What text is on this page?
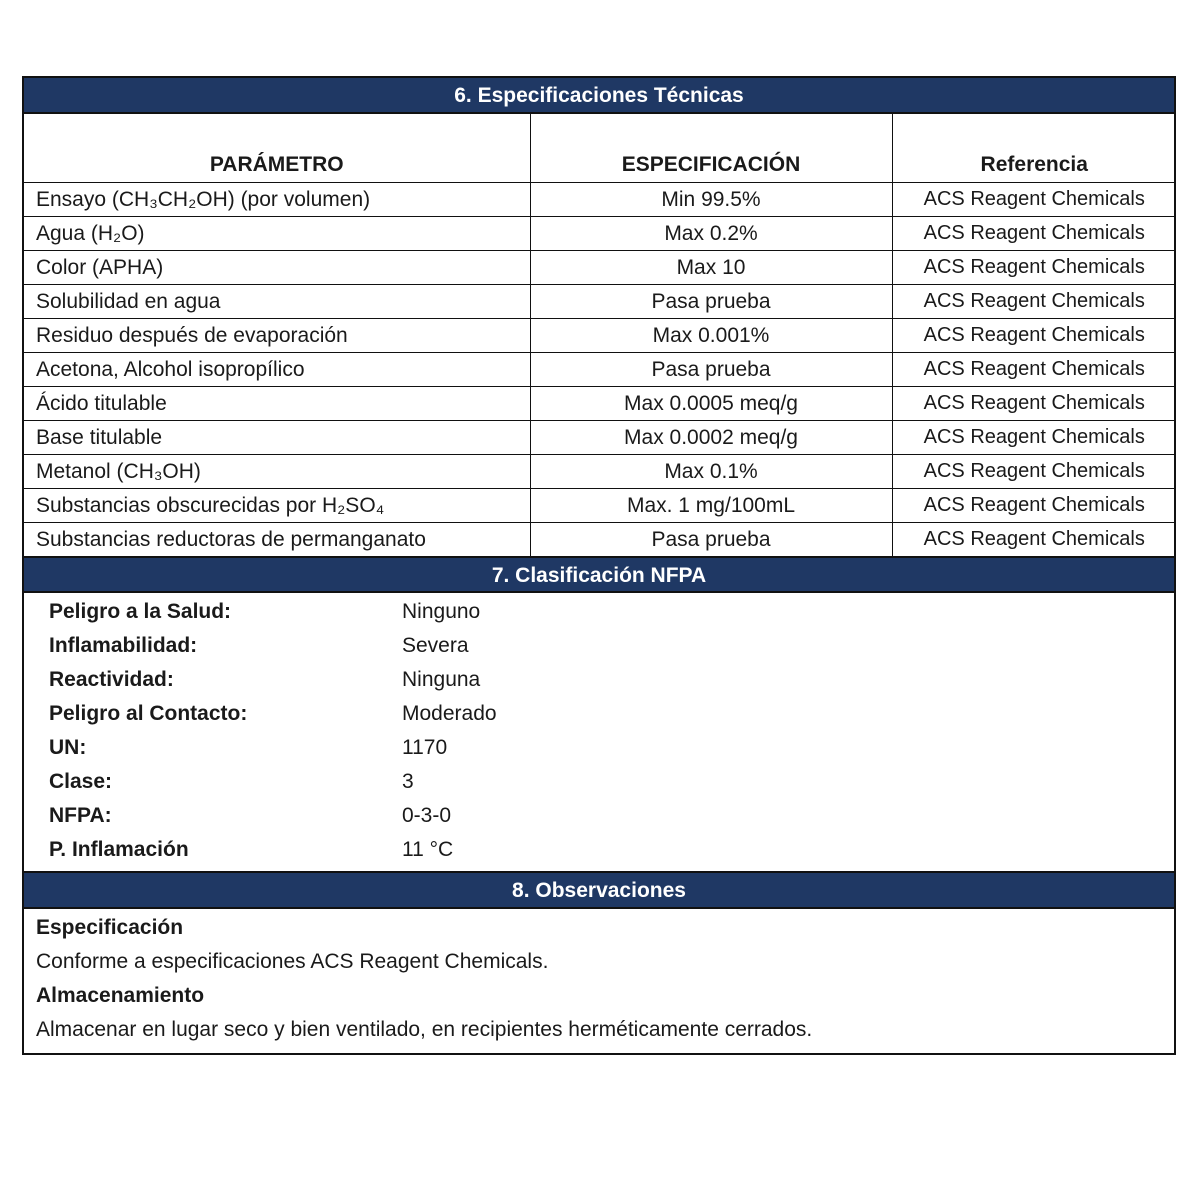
6. Especificaciones Técnicas
PARÁMETRO	ESPECIFICACIÓN	Referencia
Ensayo (CH₃CH₂OH) (por volumen)	Min 99.5%	ACS Reagent Chemicals
Agua (H₂O)	Max 0.2%	ACS Reagent Chemicals
Color (APHA)	Max 10	ACS Reagent Chemicals
Solubilidad en agua	Pasa prueba	ACS Reagent Chemicals
Residuo después de evaporación	Max 0.001%	ACS Reagent Chemicals
Acetona, Alcohol isopropílico	Pasa prueba	ACS Reagent Chemicals
Ácido titulable	Max 0.0005 meq/g	ACS Reagent Chemicals
Base titulable	Max 0.0002 meq/g	ACS Reagent Chemicals
Metanol (CH₃OH)	Max 0.1%	ACS Reagent Chemicals
Substancias obscurecidas por H₂SO₄	Max. 1 mg/100mL	ACS Reagent Chemicals
Substancias reductoras de permanganato	Pasa prueba	ACS Reagent Chemicals
7. Clasificación NFPA
Peligro a la Salud:	Ninguno
Inflamabilidad:	Severa
Reactividad:	Ninguna
Peligro al Contacto:	Moderado
UN:	1170
Clase:	3
NFPA:	0-3-0
P. Inflamación	11 °C
8. Observaciones
Especificación
Conforme a especificaciones ACS Reagent Chemicals.
Almacenamiento
Almacenar en lugar seco y bien ventilado, en recipientes herméticamente cerrados.
